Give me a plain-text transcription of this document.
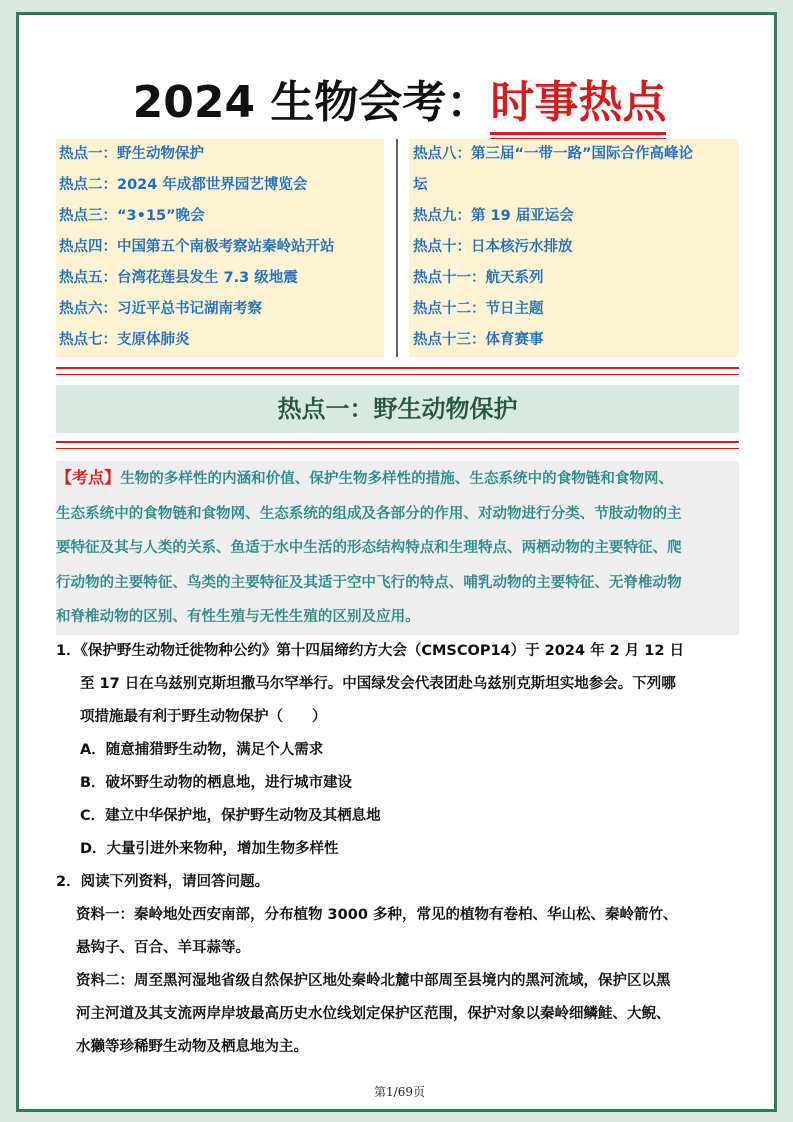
2024 生物会考：时事热点
热点一：野生动物保护
热点二：2024 年成都世界园艺博览会
热点三：“3•15”晚会
热点四：中国第五个南极考察站秦岭站开站
热点五：台湾花莲县发生 7.3 级地震
热点六：习近平总书记湖南考察
热点七：支原体肺炎
热点八：第三届“一带一路”国际合作高峰论
坛
热点九：第 19 届亚运会
热点十：日本核污水排放
热点十一：航天系列
热点十二：节日主题
热点十三：体育赛事
热点一：野生动物保护
【考点】生物的多样性的内涵和价值、保护生物多样性的措施、生态系统中的食物链和食物网、
生态系统中的食物链和食物网、生态系统的组成及各部分的作用、对动物进行分类、节肢动物的主
要特征及其与人类的关系、鱼适于水中生活的形态结构特点和生理特点、两栖动物的主要特征、爬
行动物的主要特征、鸟类的主要特征及其适于空中飞行的特点、哺乳动物的主要特征、无脊椎动物
和脊椎动物的区别、有性生殖与无性生殖的区别及应用。
1．《保护野生动物迁徙物种公约》第十四届缔约方大会（CMSCOP14）于 2024 年 2 月 12 日
至 17 日在乌兹别克斯坦撒马尔罕举行。中国绿发会代表团赴乌兹别克斯坦实地参会。下列哪
项措施最有利于野生动物保护（　　）
A．随意捕猎野生动物，满足个人需求
B．破坏野生动物的栖息地，进行城市建设
C．建立中华保护地，保护野生动物及其栖息地
D．大量引进外来物种，增加生物多样性
2．阅读下列资料，请回答问题。
资料一：秦岭地处西安南部，分布植物 3000 多种，常见的植物有卷柏、华山松、秦岭箭竹、
悬钩子、百合、羊耳蒜等。
资料二：周至黑河湿地省级自然保护区地处秦岭北麓中部周至县境内的黑河流域，保护区以黑
河主河道及其支流两岸岸坡最高历史水位线划定保护区范围，保护对象以秦岭细鳞鲑、大鲵、
水獭等珍稀野生动物及栖息地为主。
第1/69页
